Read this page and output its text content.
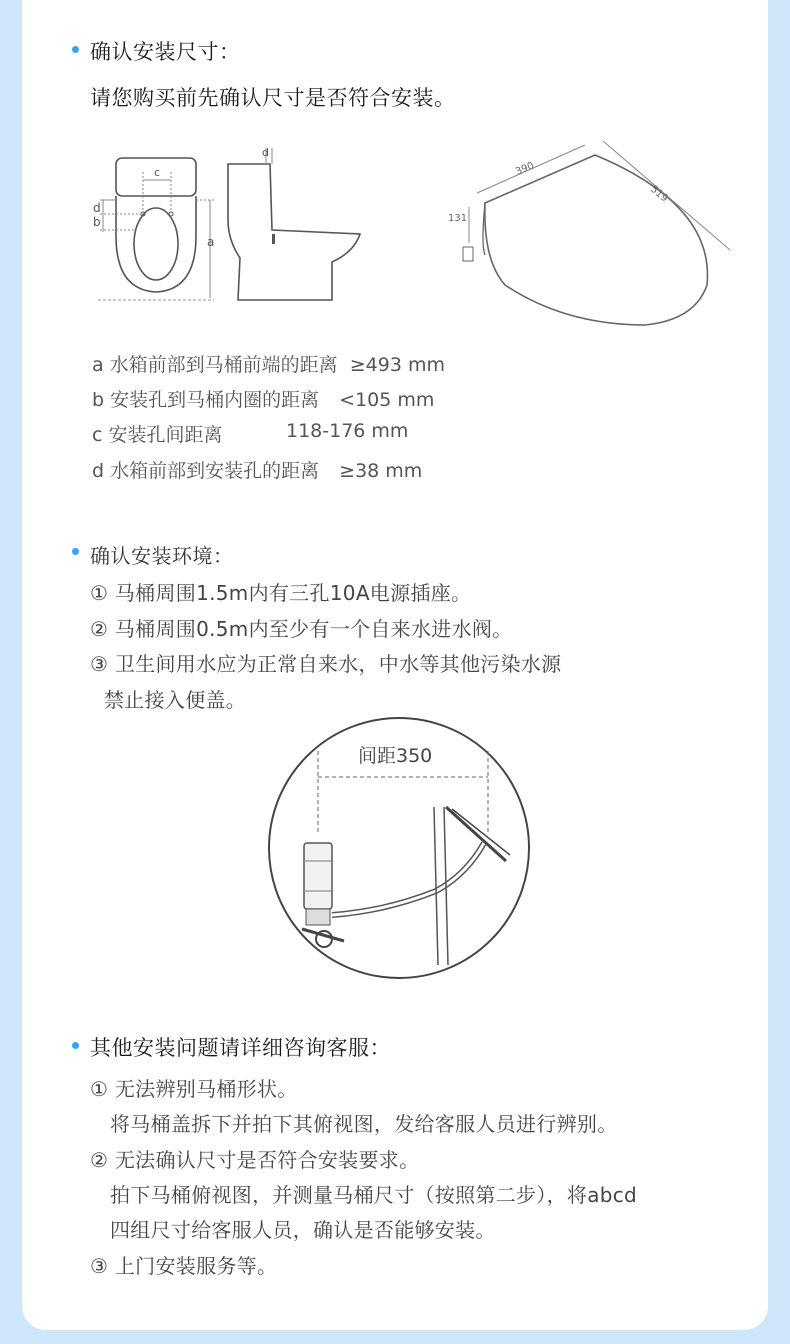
确认安装尺寸：
请您购买前先确认尺寸是否符合安装。
c
d
b
a
d
390
519
131
a 水箱前部到马桶前端的距离 ≥493 mm
b 安装孔到马桶内圈的距离 <105 mm
c 安装孔间距离	118-176 mm
d 水箱前部到安装孔的距离 ≥38 mm
确认安装环境：
① 马桶周围1.5m内有三孔10A电源插座。
② 马桶周围0.5m内至少有一个自来水进水阀。
③ 卫生间用水应为正常自来水，中水等其他污染水源
禁止接入便盖。
间距350
其他安装问题请详细咨询客服：
① 无法辨别马桶形状。
将马桶盖拆下并拍下其俯视图，发给客服人员进行辨别。
② 无法确认尺寸是否符合安装要求。
拍下马桶俯视图，并测量马桶尺寸（按照第二步），将abcd
四组尺寸给客服人员，确认是否能够安装。
③ 上门安装服务等。
